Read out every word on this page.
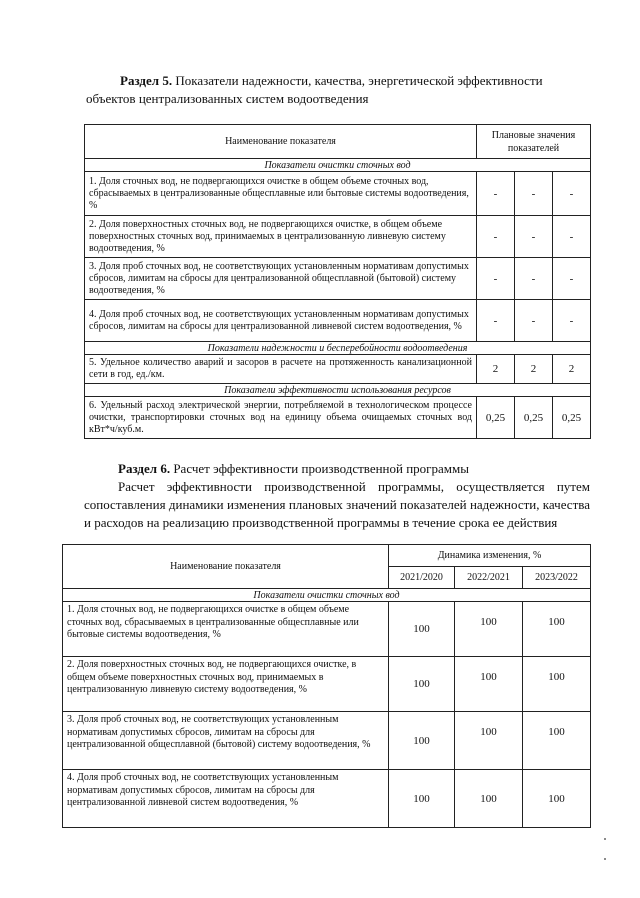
Раздел 5. Показатели надежности, качества, энергетической эффективности
объектов централизованных систем водоотведения
Наименование показателя	Плановые значения показателей		
Показатели очистки сточных вод			
1. Доля сточных вод, не подвергающихся очистке в общем объеме сточных вод, сбрасываемых в централизованные общесплавные или бытовые системы водоотведения, %	-	-	-
2. Доля поверхностных сточных вод, не подвергающихся очистке, в общем объеме поверхностных сточных вод, принимаемых в централизованную ливневую систему водоотведения, %	-	-	-
3. Доля проб сточных вод, не соответствующих установленным нормативам допустимых сбросов, лимитам на сбросы для централизованной общесплавной (бытовой) систему водоотведения, %	-	-	-
4. Доля проб сточных вод, не соответствующих установленным нормативам допустимых сбросов, лимитам на сбросы для централизованной ливневой систем водоотведения, %	-	-	-
Показатели надежности и бесперебойности водоотведения			
5. Удельное количество аварий и засоров в расчете на протяженность канализационной сети в год, ед./км.	2	2	2
Показатели эффективности использования ресурсов			
6. Удельный расход электрической энергии, потребляемой в технологическом процессе очистки, транспортировки сточных вод на единицу объема очищаемых сточных вод кВт*ч/куб.м.	0,25	0,25	0,25
Раздел 6. Расчет эффективности производственной программы
Расчет эффективности производственной программы, осуществляется путем сопоставления динамики изменения плановых значений показателей надежности, качества и расходов на реализацию производственной программы в течение срока ее действия
Наименование показателя	Динамика изменения, %		
	2021/2020	2022/2021	2023/2022
Показатели очистки сточных вод			
1. Доля сточных вод, не подвергающихся очистке в общем объеме сточных вод, сбрасываемых в централизованные общесплавные или бытовые системы водоотведения, %	100	100	100
2. Доля поверхностных сточных вод, не подвергающихся очистке, в общем объеме поверхностных сточных вод, принимаемых в централизованную ливневую систему водоотведения, %	100	100	100
3. Доля проб сточных вод, не соответствующих установленным нормативам допустимых сбросов, лимитам на сбросы для централизованной общесплавной (бытовой) систему водоотведения, %	100	100	100
4. Доля проб сточных вод, не соответствующих установленным нормативам допустимых сбросов, лимитам на сбросы для централизованной ливневой систем водоотведения, %	100	100	100
